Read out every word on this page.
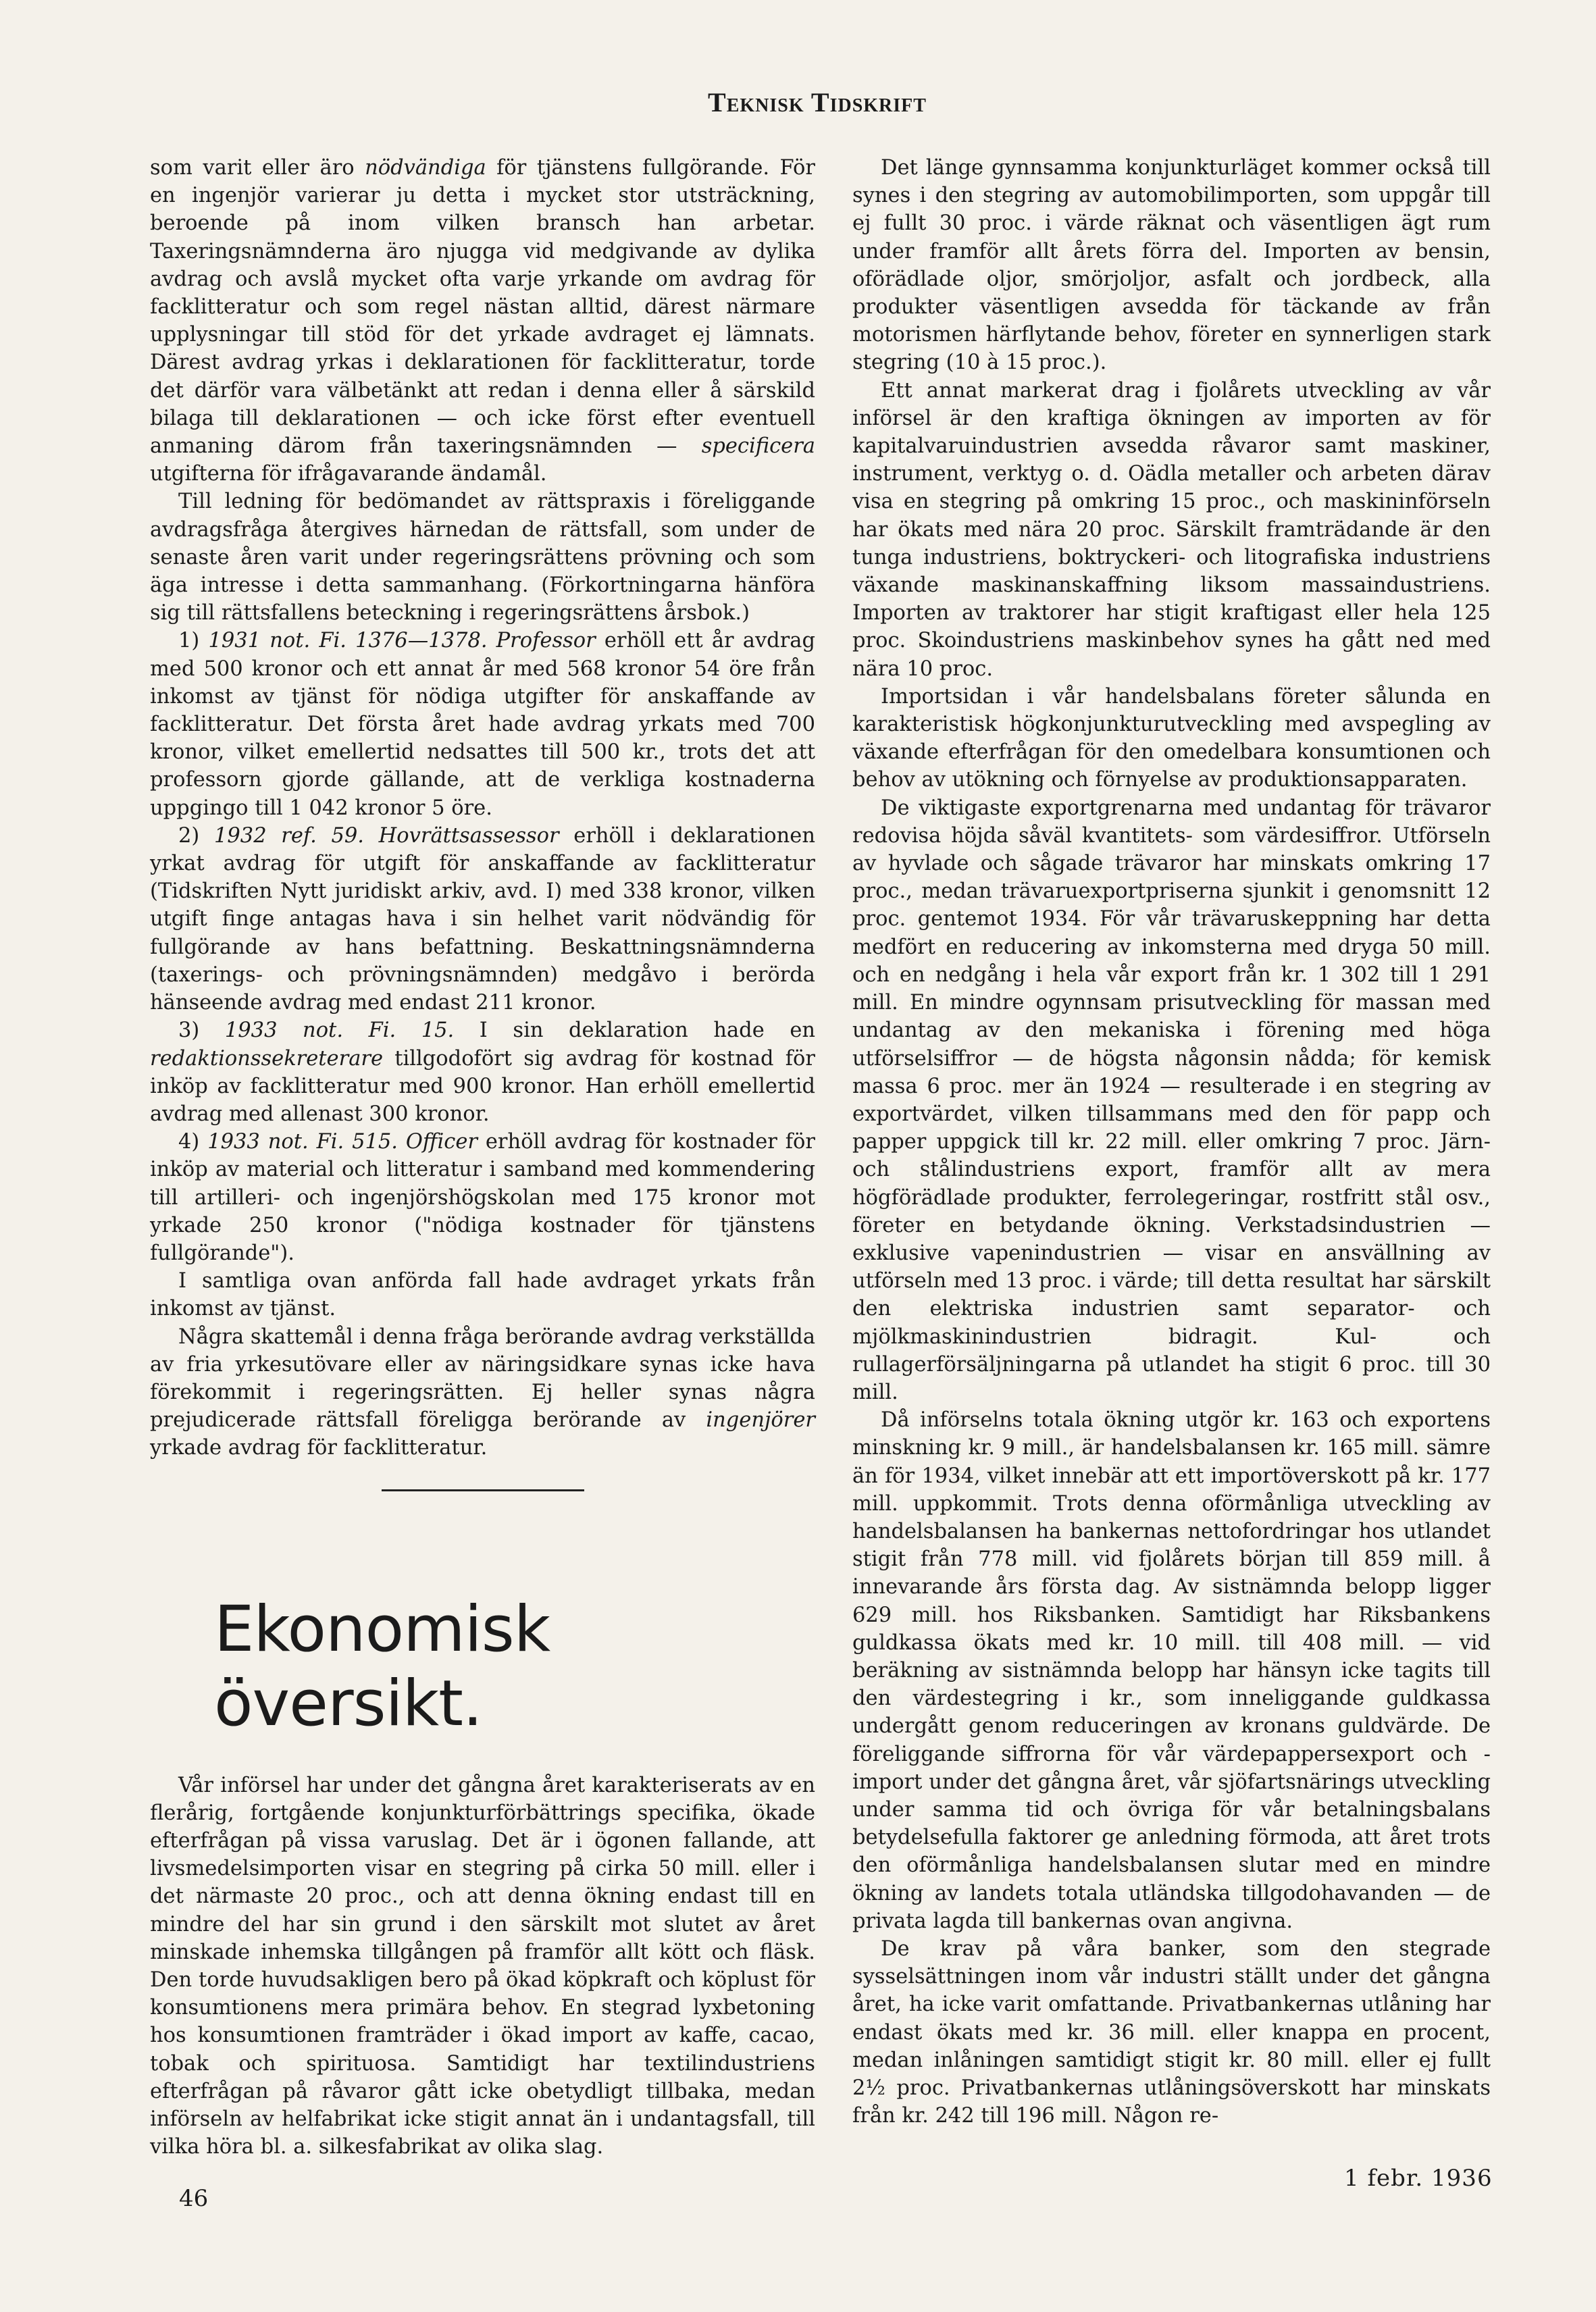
Teknisk Tidskrift

som varit eller äro nödvändiga för tjänstens fullgörande. För en ingenjör varierar ju detta i mycket stor utsträckning, beroende på inom vilken bransch han arbetar. Taxeringsnämnderna äro njugga vid medgivande av dylika avdrag och avslå mycket ofta varje yrkande om avdrag för facklitteratur och som regel nästan alltid, därest närmare upplysningar till stöd för det yrkade avdraget ej lämnats. Därest avdrag yrkas i deklarationen för facklitteratur, torde det därför vara välbetänkt att redan i denna eller å särskild bilaga till deklarationen — och icke först efter eventuell anmaning därom från taxeringsnämnden — specificera utgifterna för ifrågavarande ändamål.

Till ledning för bedömandet av rättspraxis i föreliggande avdragsfråga återgives härnedan de rättsfall, som under de senaste åren varit under regeringsrättens prövning och som äga intresse i detta sammanhang. (Förkortningarna hänföra sig till rättsfallens beteckning i regeringsrättens årsbok.)

1) 1931 not. Fi. 1376—1378. Professor erhöll ett år avdrag med 500 kronor och ett annat år med 568 kronor 54 öre från inkomst av tjänst för nödiga utgifter för anskaffande av facklitteratur. Det första året hade avdrag yrkats med 700 kronor, vilket emellertid nedsattes till 500 kr., trots det att professorn gjorde gällande, att de verkliga kostnaderna uppgingo till 1 042 kronor 5 öre.

2) 1932 ref. 59. Hovrättsassessor erhöll i deklarationen yrkat avdrag för utgift för anskaffande av facklitteratur (Tidskriften Nytt juridiskt arkiv, avd. I) med 338 kronor, vilken utgift finge antagas hava i sin helhet varit nödvändig för fullgörande av hans befattning. Beskattningsnämnderna (taxerings- och prövningsnämnden) medgåvo i berörda hänseende avdrag med endast 211 kronor.

3) 1933 not. Fi. 15. I sin deklaration hade en redaktionssekreterare tillgodofört sig avdrag för kostnad för inköp av facklitteratur med 900 kronor. Han erhöll emellertid avdrag med allenast 300 kronor.

4) 1933 not. Fi. 515. Officer erhöll avdrag för kostnader för inköp av material och litteratur i samband med kommendering till artilleri- och ingenjörshögskolan med 175 kronor mot yrkade 250 kronor ("nödiga kostnader för tjänstens fullgörande").

I samtliga ovan anförda fall hade avdraget yrkats från inkomst av tjänst.

Några skattemål i denna fråga berörande avdrag verkställda av fria yrkesutövare eller av näringsidkare synas icke hava förekommit i regeringsrätten. Ej heller synas några prejudicerade rättsfall föreligga berörande av ingenjörer yrkade avdrag för facklitteratur.

Ekonomisk översikt.

Vår införsel har under det gångna året karakteriserats av en flerårig, fortgående konjunkturförbättrings specifika, ökade efterfrågan på vissa varuslag. Det är i ögonen fallande, att livsmedelsimporten visar en stegring på cirka 50 mill. eller i det närmaste 20 proc., och att denna ökning endast till en mindre del har sin grund i den särskilt mot slutet av året minskade inhemska tillgången på framför allt kött och fläsk. Den torde huvudsakligen bero på ökad köpkraft och köplust för konsumtionens mera primära behov. En stegrad lyxbetoning hos konsumtionen framträder i ökad import av kaffe, cacao, tobak och spirituosa. Samtidigt har textilindustriens efterfrågan på råvaror gått icke obetydligt tillbaka, medan införseln av helfabrikat icke stigit annat än i undantagsfall, till vilka höra bl. a. silkesfabrikat av olika slag.

Det länge gynnsamma konjunkturläget kommer också till synes i den stegring av automobilimporten, som uppgår till ej fullt 30 proc. i värde räknat och väsentligen ägt rum under framför allt årets förra del. Importen av bensin, oförädlade oljor, smörjoljor, asfalt och jordbeck, alla produkter väsentligen avsedda för täckande av från motorismen härflytande behov, företer en synnerligen stark stegring (10 à 15 proc.).

Ett annat markerat drag i fjolårets utveckling av vår införsel är den kraftiga ökningen av importen av för kapitalvaruindustrien avsedda råvaror samt maskiner, instrument, verktyg o. d. Oädla metaller och arbeten därav visa en stegring på omkring 15 proc., och maskininförseln har ökats med nära 20 proc. Särskilt framträdande är den tunga industriens, boktryckeri- och litografiska industriens växande maskinanskaffning liksom massaindustriens. Importen av traktorer har stigit kraftigast eller hela 125 proc. Skoindustriens maskinbehov synes ha gått ned med nära 10 proc.

Importsidan i vår handelsbalans företer sålunda en karakteristisk högkonjunkturutveckling med avspegling av växande efterfrågan för den omedelbara konsumtionen och behov av utökning och förnyelse av produktionsapparaten.

De viktigaste exportgrenarna med undantag för trävaror redovisa höjda såväl kvantitets- som värdesiffror. Utförseln av hyvlade och sågade trävaror har minskats omkring 17 proc., medan trävaruexportpriserna sjunkit i genomsnitt 12 proc. gentemot 1934. För vår trävaruskeppning har detta medfört en reducering av inkomsterna med dryga 50 mill. och en nedgång i hela vår export från kr. 1 302 till 1 291 mill. En mindre ogynnsam prisutveckling för massan med undantag av den mekaniska i förening med höga utförselsiffror — de högsta någonsin nådda; för kemisk massa 6 proc. mer än 1924 — resulterade i en stegring av exportvärdet, vilken tillsammans med den för papp och papper uppgick till kr. 22 mill. eller omkring 7 proc. Järn- och stålindustriens export, framför allt av mera högförädlade produkter, ferrolegeringar, rostfritt stål osv., företer en betydande ökning. Verkstadsindustrien — exklusive vapenindustrien — visar en ansvällning av utförseln med 13 proc. i värde; till detta resultat har särskilt den elektriska industrien samt separator- och mjölkmaskinindustrien bidragit. Kul- och rullagerförsäljningarna på utlandet ha stigit 6 proc. till 30 mill.

Då införselns totala ökning utgör kr. 163 och exportens minskning kr. 9 mill., är handelsbalansen kr. 165 mill. sämre än för 1934, vilket innebär att ett importöverskott på kr. 177 mill. uppkommit. Trots denna oförmånliga utveckling av handelsbalansen ha bankernas nettofordringar hos utlandet stigit från 778 mill. vid fjolårets början till 859 mill. å innevarande års första dag. Av sistnämnda belopp ligger 629 mill. hos Riksbanken. Samtidigt har Riksbankens guldkassa ökats med kr. 10 mill. till 408 mill. — vid beräkning av sistnämnda belopp har hänsyn icke tagits till den värdestegring i kr., som inneliggande guldkassa undergått genom reduceringen av kronans guldvärde. De föreliggande siffrorna för vår värdepappersexport och -import under det gångna året, vår sjöfartsnärings utveckling under samma tid och övriga för vår betalningsbalans betydelsefulla faktorer ge anledning förmoda, att året trots den oförmånliga handelsbalansen slutar med en mindre ökning av landets totala utländska tillgodohavanden — de privata lagda till bankernas ovan angivna.

De krav på våra banker, som den stegrade sysselsättningen inom vår industri ställt under det gångna året, ha icke varit omfattande. Privatbankernas utlåning har endast ökats med kr. 36 mill. eller knappa en procent, medan inlåningen samtidigt stigit kr. 80 mill. eller ej fullt 2½ proc. Privatbankernas utlåningsöverskott har minskats från kr. 242 till 196 mill. Någon re-

46
1 febr. 1936
